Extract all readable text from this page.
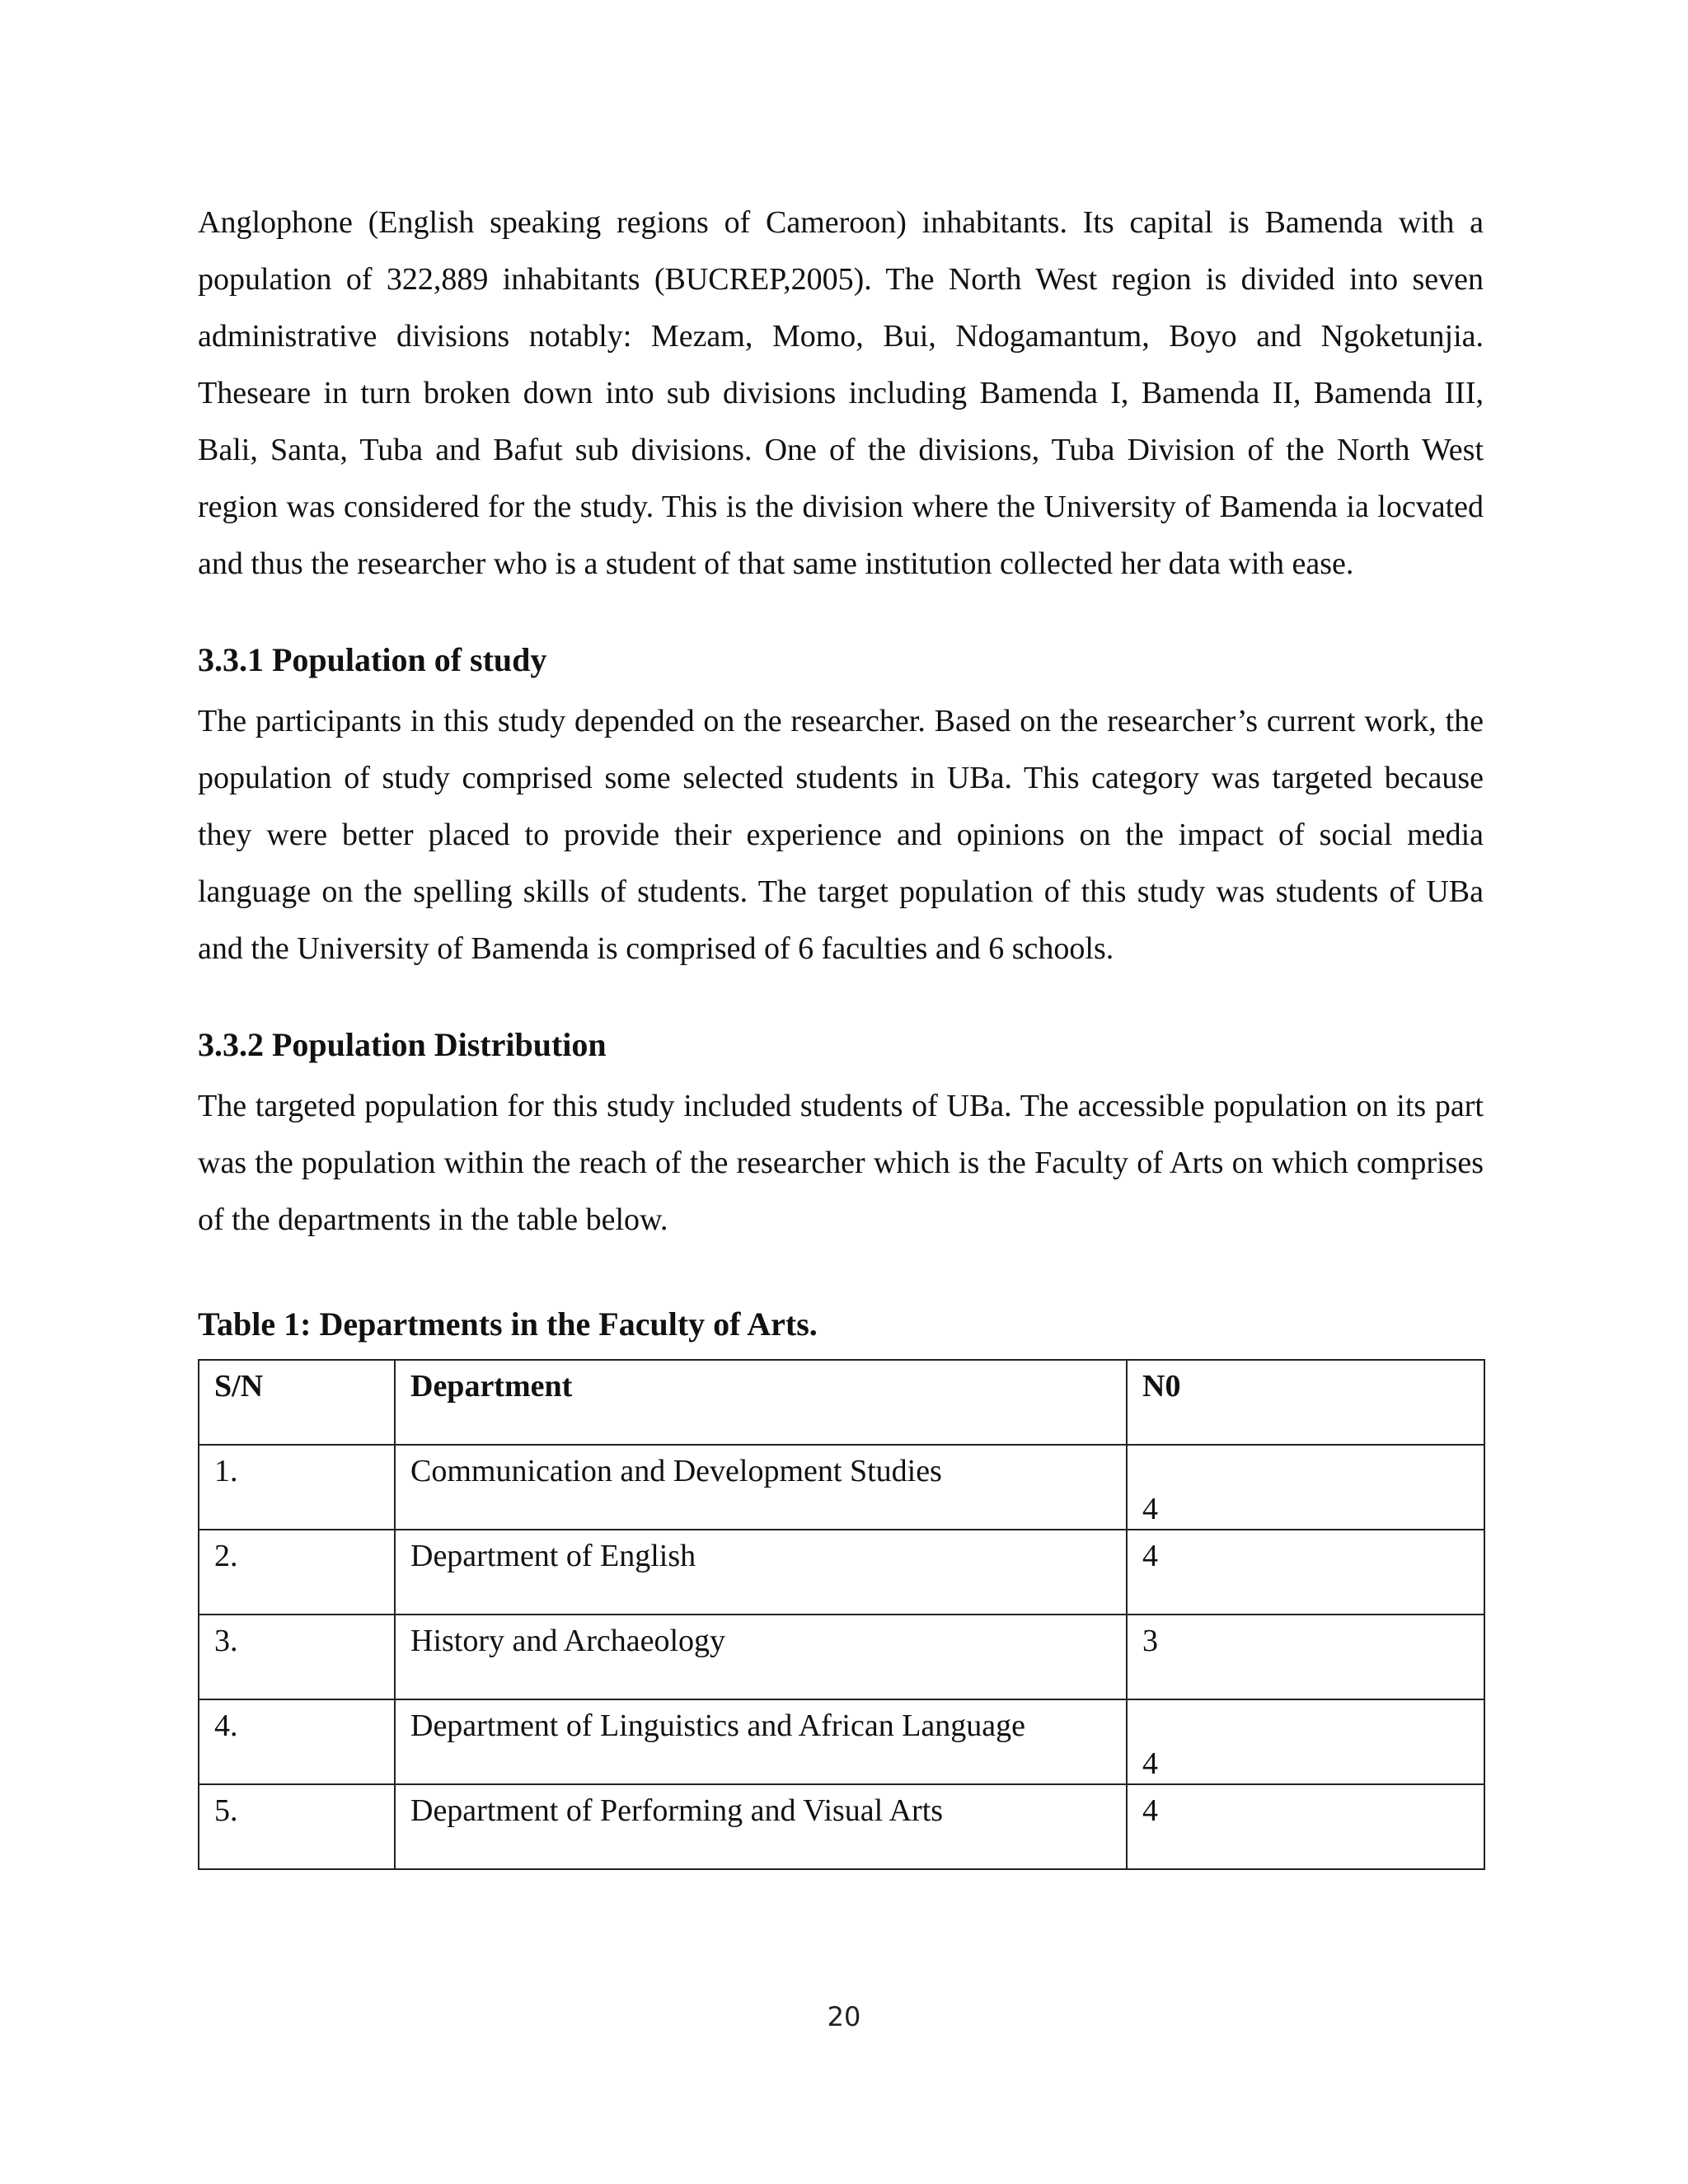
Anglophone (English speaking regions of Cameroon) inhabitants. Its capital is Bamenda with a population of 322,889 inhabitants (BUCREP,2005). The North West region is divided into seven administrative divisions notably: Mezam, Momo, Bui, Ndogamantum, Boyo and Ngoketunjia. Theseare in turn broken down into sub divisions including Bamenda I, Bamenda II, Bamenda III, Bali, Santa, Tuba and Bafut sub divisions. One of the divisions, Tuba Division of the North West region was considered for the study. This is the division where the University of Bamenda ia locvated and thus the researcher who is a student of that same institution collected her data with ease.

3.3.1 Population of study

The participants in this study depended on the researcher. Based on the researcher’s current work, the population of study comprised some selected students in UBa. This category was targeted because they were better placed to provide their experience and opinions on the impact of social media language on the spelling skills of students. The target population of this study was students of UBa and the University of Bamenda is comprised of 6 faculties and 6 schools.

3.3.2 Population Distribution

The targeted population for this study included students of UBa. The accessible population on its part was the population within the reach of the researcher which is the Faculty of Arts on which comprises of the departments in the table below.

Table 1: Departments in the Faculty of Arts.
S/N	Department	N0
1.	Communication and Development Studies	4

2.	Department of English	4
3.	History and Archaeology	3
4.	Department of Linguistics and African Language	4

5.	Department of Performing and Visual Arts	4
20
